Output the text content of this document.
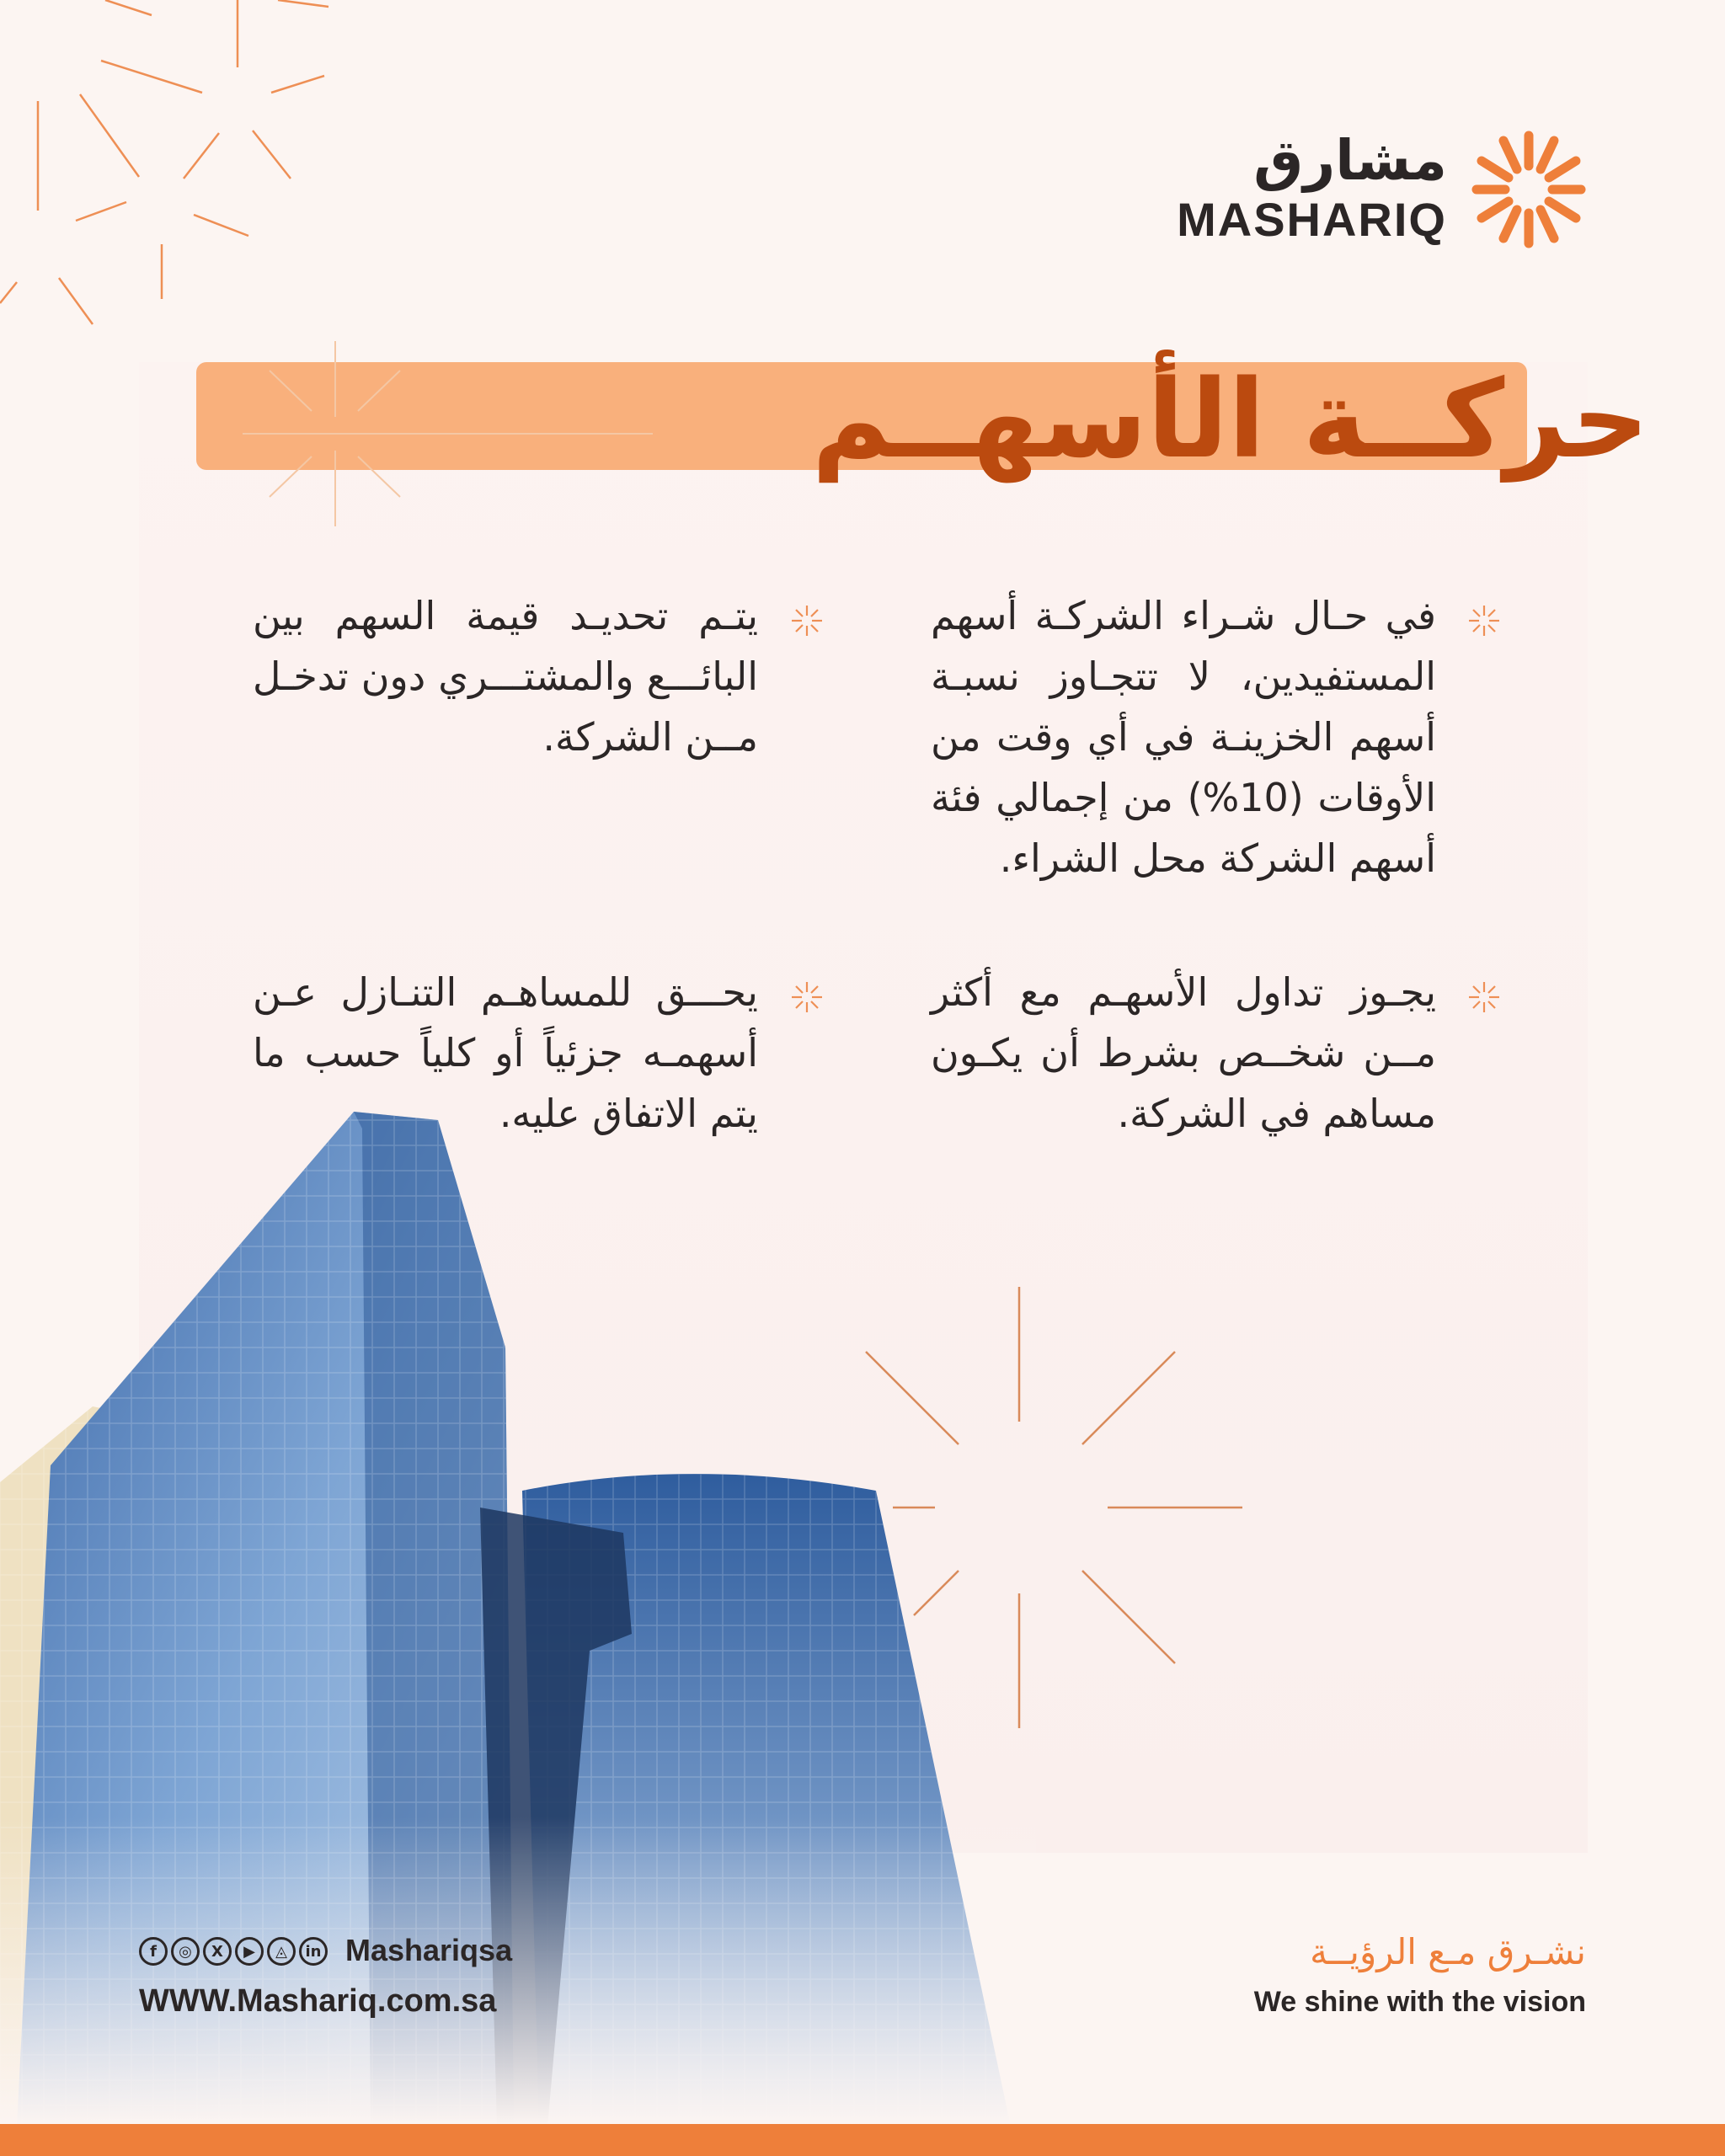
مشارق
MASHARIQ
حركــة الأسهــم
في حـال شـراء الشركـة أسهم المستفيدين، لا تتجـاوز نسبـة أسهم الخزينـة في أي وقت من الأوقات (10%) من إجمالي فئة أسهم الشركة محل الشراء.
يتـم تحديـد قيمة السهم بين البائـــع والمشتـــري دون تدخـل مــن الشركة.
يجـوز تداول الأسهـم مع أكثر مــن شخــص بشرط أن يكـون مساهم في الشركة.
يحـــق للمساهـم التنـازل عـن أسهمـه جزئياً أو كلياً حسب ما
f	◎	X	▶	◬	in Mashariqsa
WWW.Mashariq.com.sa
نشـرق مـع الرؤيــة
We shine with the vision
